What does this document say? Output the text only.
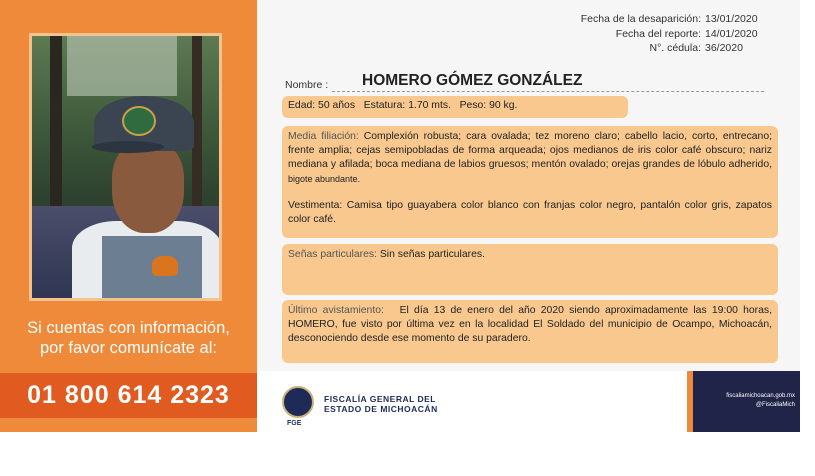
Si cuentas con información,
por favor comunícate al:
01 800 614 2323
Fecha de la desaparición: 13/01/2020
Fecha del reporte: 14/01/2020
N°. cédula: 36/2020
Nombre : HOMERO GÓMEZ GONZÁLEZ
Edad: 50 años Estatura: 1.70 mts. Peso: 90 kg.
Media filiación: Complexión robusta; cara ovalada; tez moreno claro; cabello lacio, corto, entrecano; frente amplia; cejas semipobladas de forma arqueada; ojos medianos de iris color café obscuro; nariz mediana y afilada; boca mediana de labios gruesos; mentón ovalado; orejas grandes de lóbulo adherido, bigote abundante.
Vestimenta: Camisa tipo guayabera color blanco con franjas color negro, pantalón color gris, zapatos color café.
Señas particulares: Sin señas particulares.
Último avistamiento: El día 13 de enero del año 2020 siendo aproximadamente las 19:00 horas, HOMERO, fue visto por última vez en la localidad El Soldado del municipio de Ocampo, Michoacán, desconociendo desde ese momento de su paradero.
FGE
FISCALÍA GENERAL DEL
ESTADO DE MICHOACÁN
fiscaliamichoacan.gob.mx
@FiscaliaMich
